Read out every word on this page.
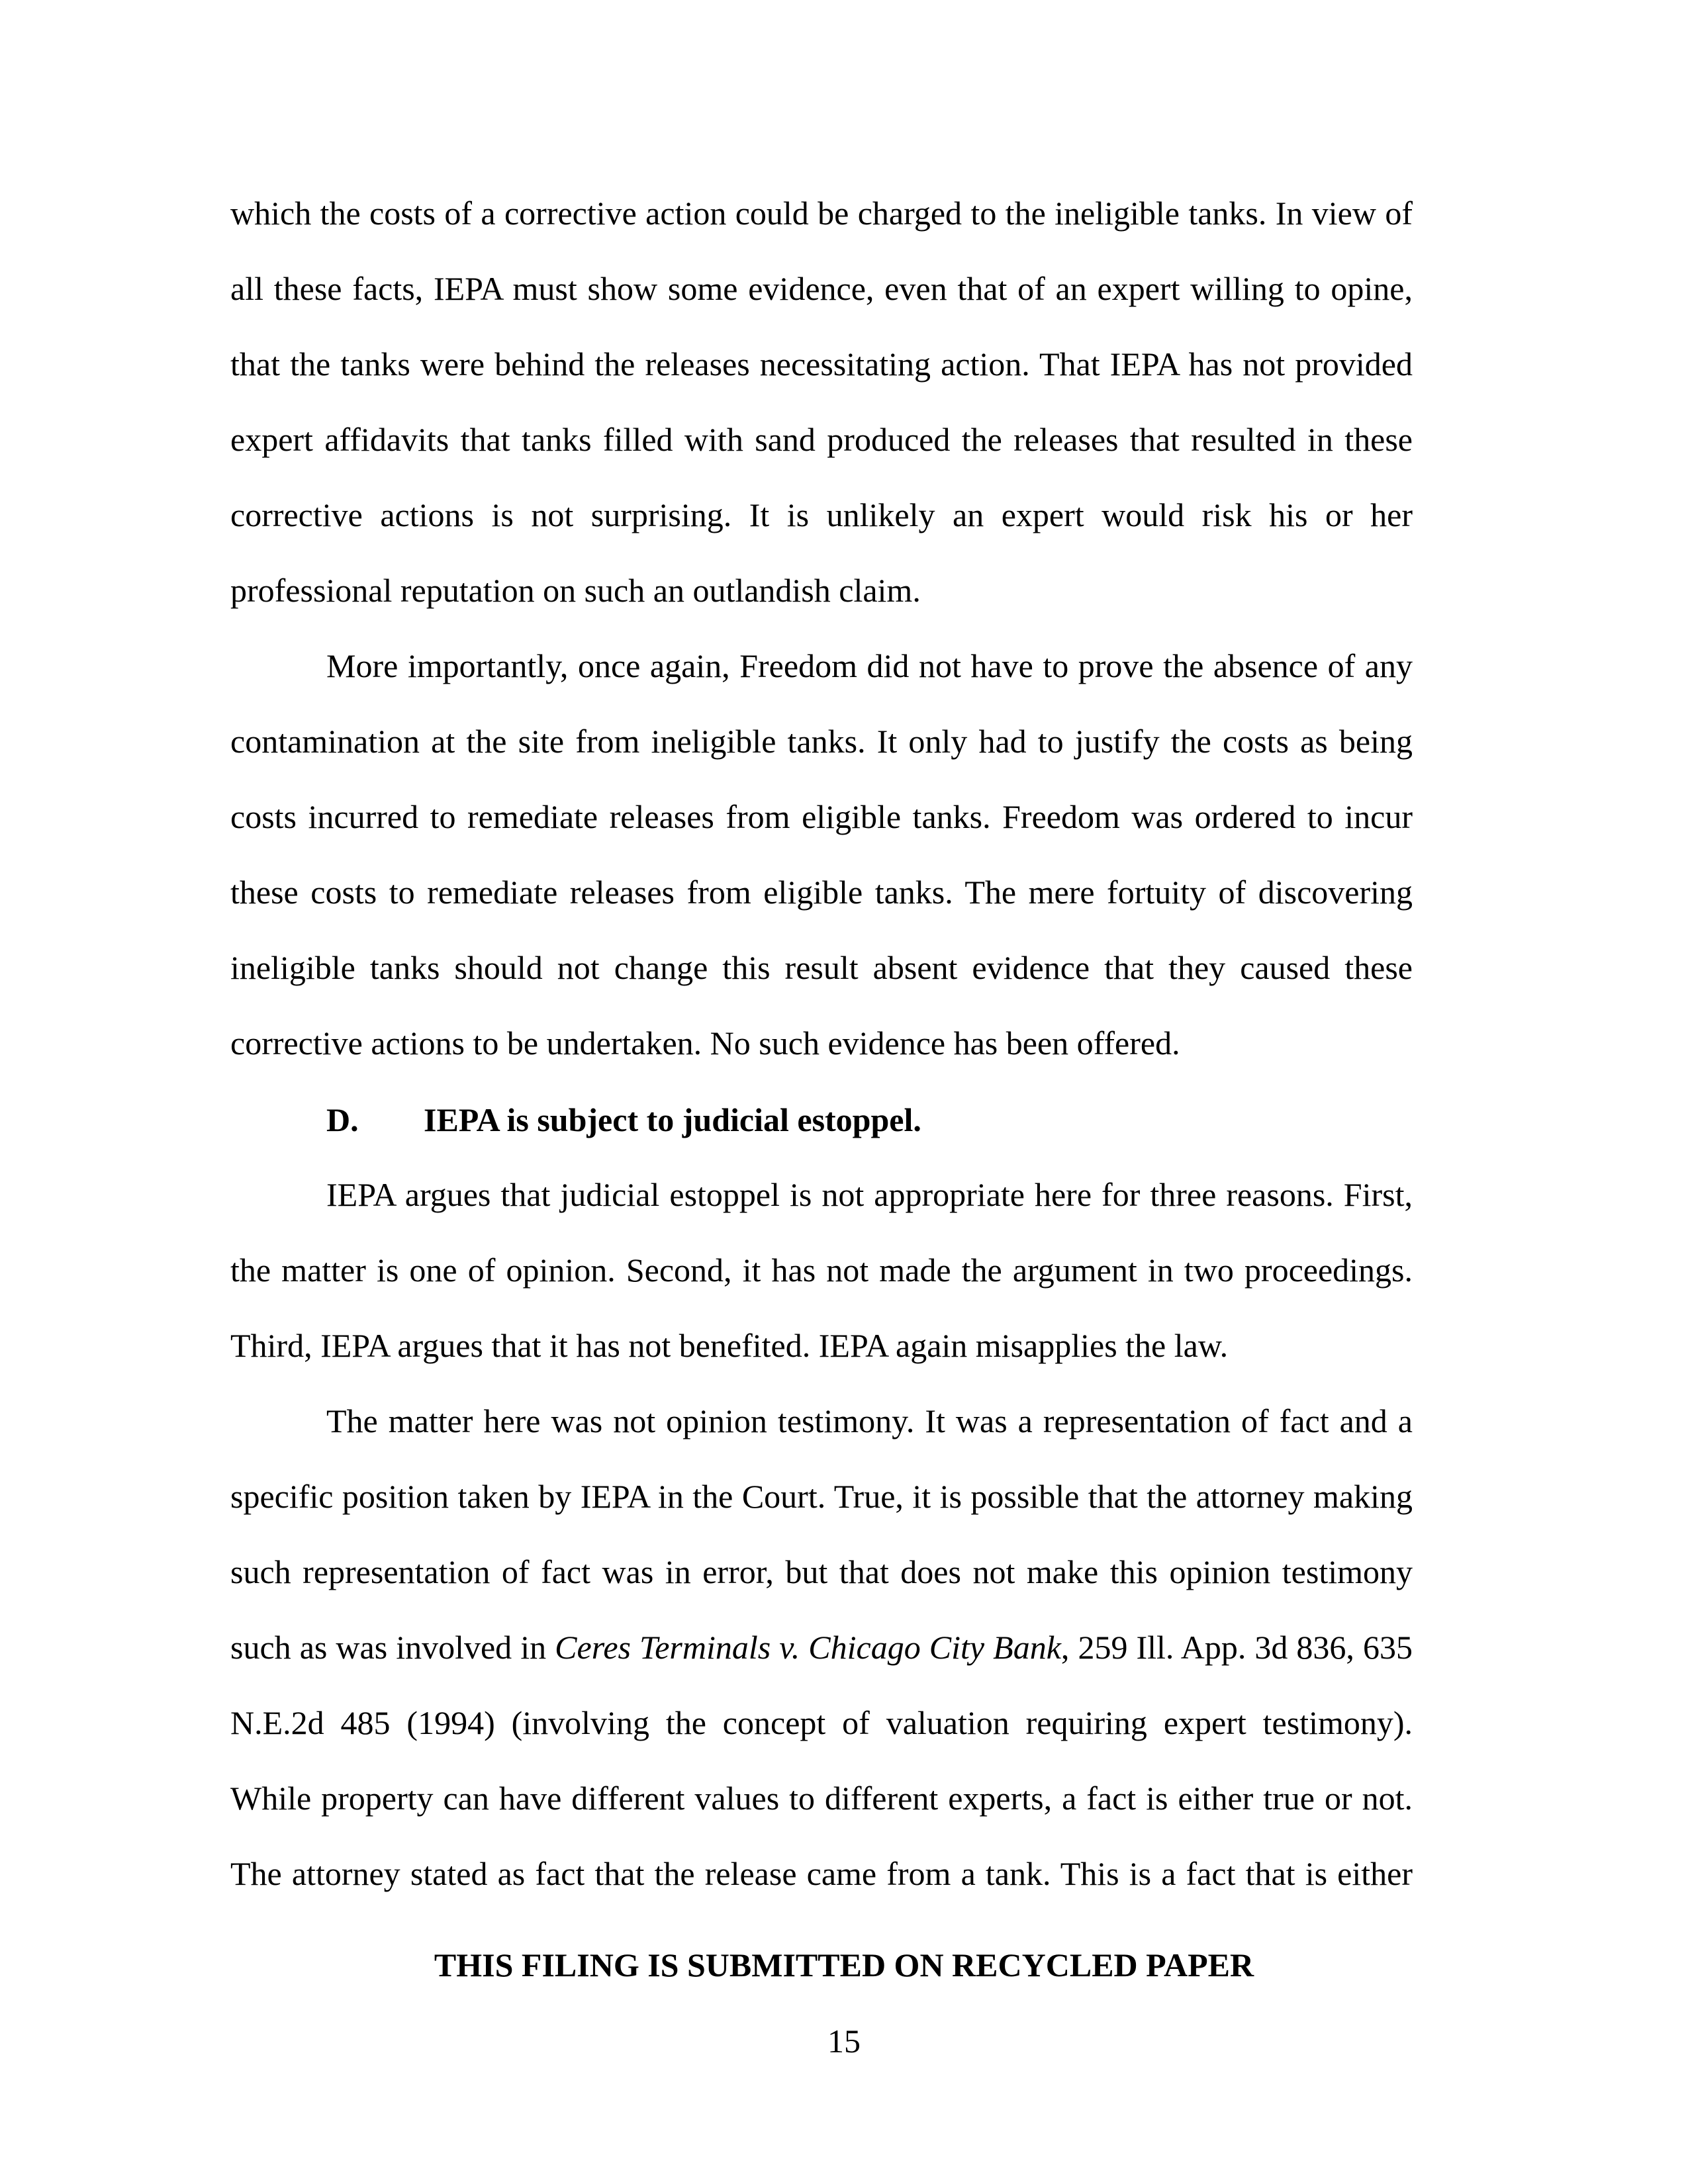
which the costs of a corrective action could be charged to the ineligible tanks. In view of
all these facts, IEPA must show some evidence, even that of an expert willing to opine,
that the tanks were behind the releases necessitating action. That IEPA has not provided
expert affidavits that tanks filled with sand produced the releases that resulted in these
corrective actions is not surprising. It is unlikely an expert would risk his or her
professional reputation on such an outlandish claim.
More importantly, once again, Freedom did not have to prove the absence of any
contamination at the site from ineligible tanks. It only had to justify the costs as being
costs incurred to remediate releases from eligible tanks. Freedom was ordered to incur
these costs to remediate releases from eligible tanks. The mere fortuity of discovering
ineligible tanks should not change this result absent evidence that they caused these
corrective actions to be undertaken. No such evidence has been offered.
D. IEPA is subject to judicial estoppel.
IEPA argues that judicial estoppel is not appropriate here for three reasons. First,
the matter is one of opinion. Second, it has not made the argument in two proceedings.
Third, IEPA argues that it has not benefited. IEPA again misapplies the law.
The matter here was not opinion testimony. It was a representation of fact and a
specific position taken by IEPA in the Court. True, it is possible that the attorney making
such representation of fact was in error, but that does not make this opinion testimony
such as was involved in Ceres Terminals v. Chicago City Bank, 259 Ill. App. 3d 836, 635
N.E.2d 485 (1994) (involving the concept of valuation requiring expert testimony).
While property can have different values to different experts, a fact is either true or not.
The attorney stated as fact that the release came from a tank. This is a fact that is either
THIS FILING IS SUBMITTED ON RECYCLED PAPER
15
